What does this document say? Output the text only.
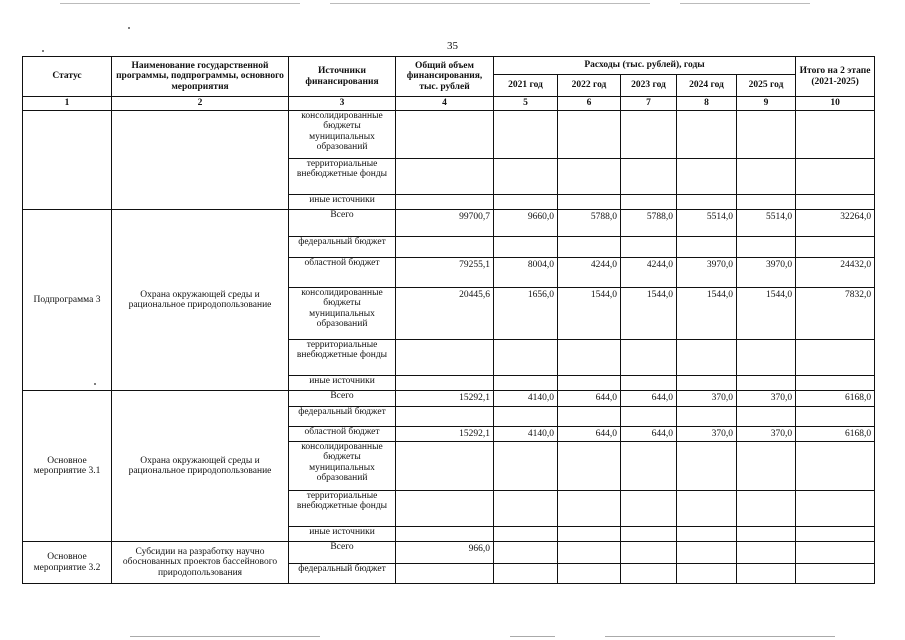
35
Статус	Наименование государственной программы, подпрограммы, основного мероприятия	Источники финансирования	Общий объем финансирования, тыс. рублей	Расходы (тыс. рублей), годы					Итого на 2 этапе (2021-2025)
				2021 год	2022 год	2023 год	2024 год	2025 год	
1	2	3	4	5	6	7	8	9	10
		консолидированные бюджеты муниципальных образований							
		территориальные внебюджетные фонды							
		иные источники							
Подпрограмма 3	Охрана окружающей среды и рациональное природопользование	Всего	99700,7	9660,0	5788,0	5788,0	5514,0	5514,0	32264,0
		федеральный бюджет							
		областной бюджет	79255,1	8004,0	4244,0	4244,0	3970,0	3970,0	24432,0
		консолидированные бюджеты муниципальных образований	20445,6	1656,0	1544,0	1544,0	1544,0	1544,0	7832,0
		территориальные внебюджетные фонды							
		иные источники							
Основное мероприятие 3.1	Охрана окружающей среды и рациональное природопользование	Всего	15292,1	4140,0	644,0	644,0	370,0	370,0	6168,0
		федеральный бюджет							
		областной бюджет	15292,1	4140,0	644,0	644,0	370,0	370,0	6168,0
		консолидированные бюджеты муниципальных образований							
		территориальные внебюджетные фонды							
		иные источники							
Основное мероприятие 3.2	Субсидии на разработку научно обоснованных проектов бассейнового природопользования	Всего	966,0						
		федеральный бюджет							
